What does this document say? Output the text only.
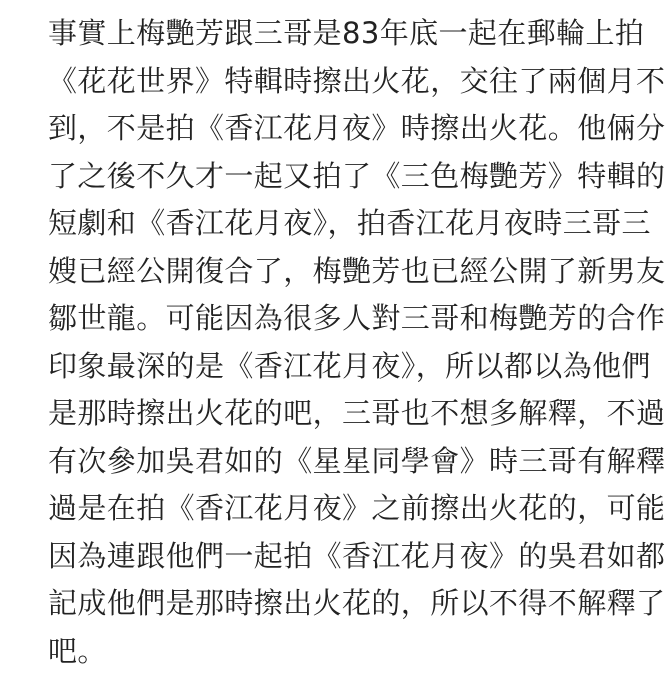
事實上梅艷芳跟三哥是83年底一起在郵輪上拍
《花花世界》特輯時擦出火花，交往了兩個月不
到，不是拍《香江花月夜》時擦出火花。他倆分
了之後不久才一起又拍了《三色梅艷芳》特輯的
短劇和《香江花月夜》，拍香江花月夜時三哥三
嫂已經公開復合了，梅艷芳也已經公開了新男友
鄒世龍。可能因為很多人對三哥和梅艷芳的合作
印象最深的是《香江花月夜》，所以都以為他們
是那時擦出火花的吧，三哥也不想多解釋，不過
有次參加吳君如的《星星同學會》時三哥有解釋
過是在拍《香江花月夜》之前擦出火花的，可能
因為連跟他們一起拍《香江花月夜》的吳君如都
記成他們是那時擦出火花的，所以不得不解釋了
吧。
